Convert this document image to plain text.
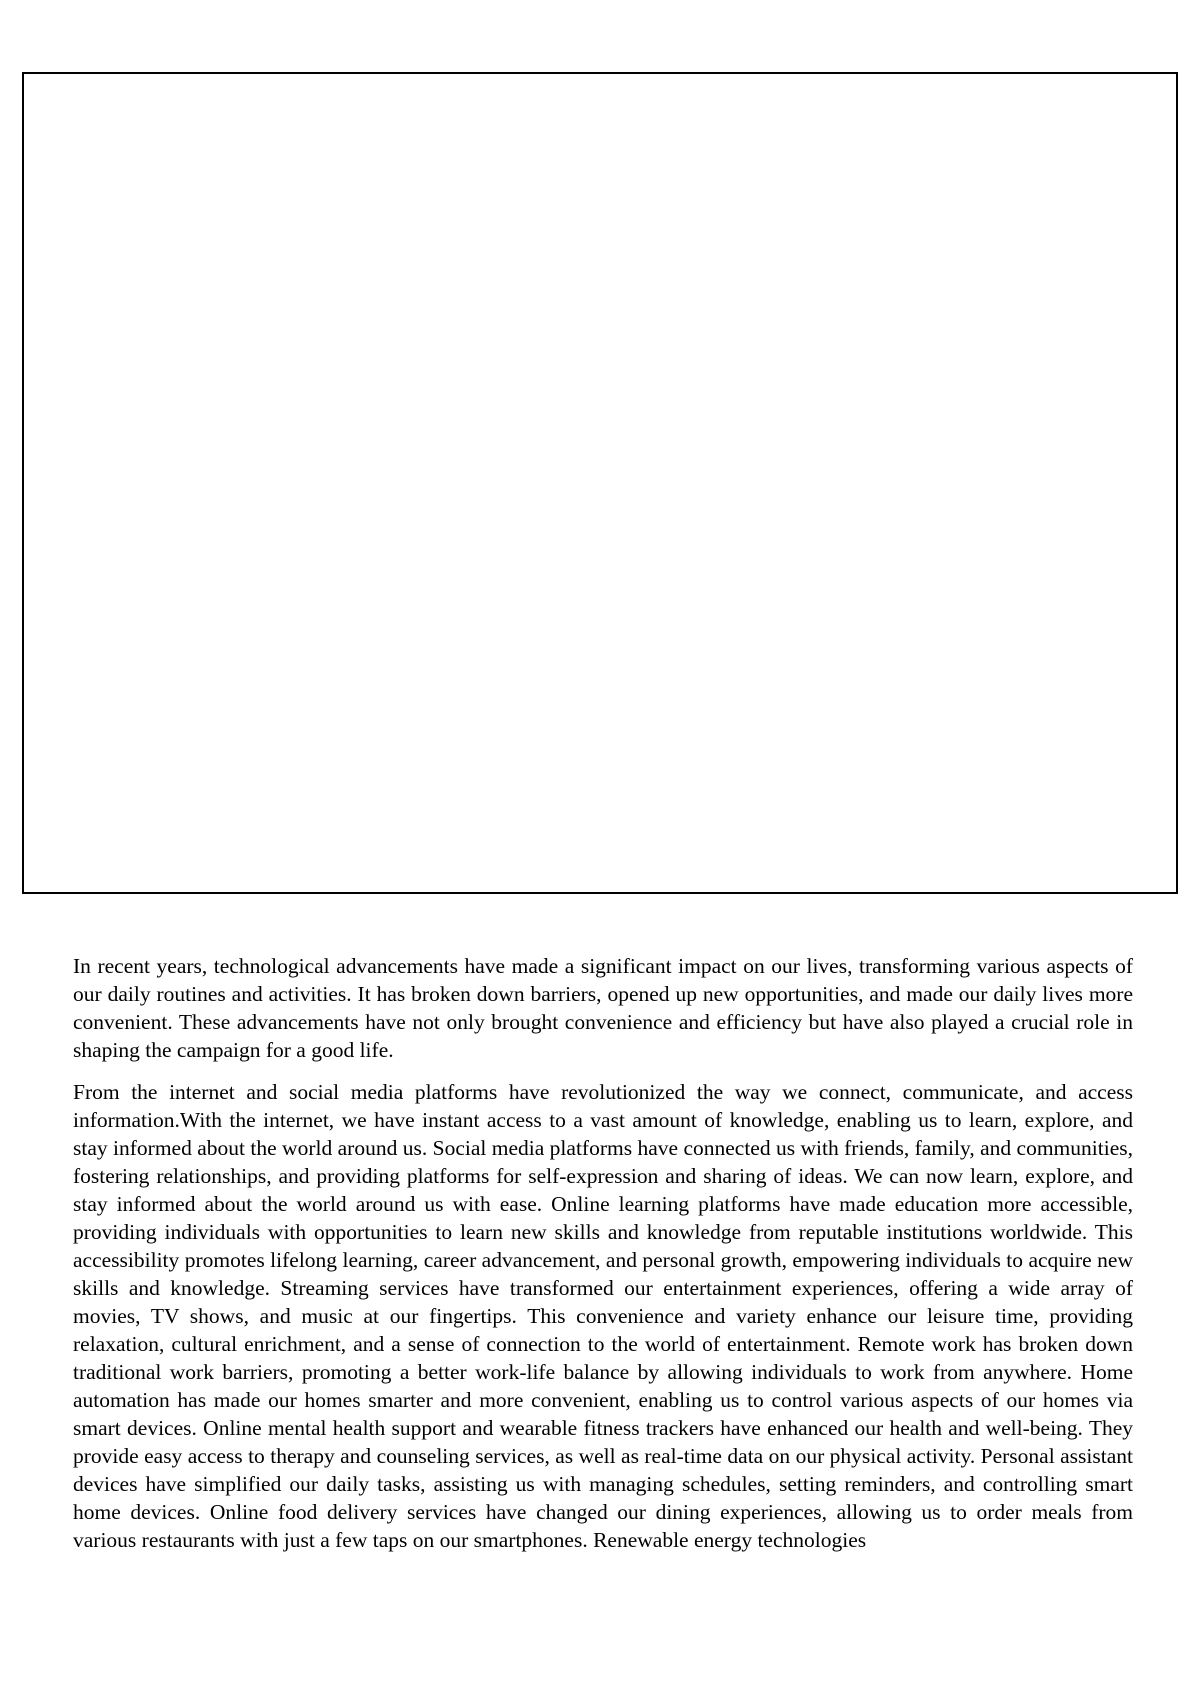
In recent years, technological advancements have made a significant impact on our lives, transforming various aspects of our daily routines and activities. It has broken down barriers, opened up new opportunities, and made our daily lives more convenient. These advancements have not only brought convenience and efficiency but have also played a crucial role in shaping the campaign for a good life.

From the internet and social media platforms have revolutionized the way we connect, communicate, and access information.With the internet, we have instant access to a vast amount of knowledge, enabling us to learn, explore, and stay informed about the world around us. Social media platforms have connected us with friends, family, and communities, fostering relationships, and providing platforms for self-expression and sharing of ideas. We can now learn, explore, and stay informed about the world around us with ease. Online learning platforms have made education more accessible, providing individuals with opportunities to learn new skills and knowledge from reputable institutions worldwide. This accessibility promotes lifelong learning, career advancement, and personal growth, empowering individuals to acquire new skills and knowledge. Streaming services have transformed our entertainment experiences, offering a wide array of movies, TV shows, and music at our fingertips. This convenience and variety enhance our leisure time, providing relaxation, cultural enrichment, and a sense of connection to the world of entertainment. Remote work has broken down traditional work barriers, promoting a better work-life balance by allowing individuals to work from anywhere. Home automation has made our homes smarter and more convenient, enabling us to control various aspects of our homes via smart devices. Online mental health support and wearable fitness trackers have enhanced our health and well-being. They provide easy access to therapy and counseling services, as well as real-time data on our physical activity. Personal assistant devices have simplified our daily tasks, assisting us with managing schedules, setting reminders, and controlling smart home devices. Online food delivery services have changed our dining experiences, allowing us to order meals from various restaurants with just a few taps on our smartphones. Renewable energy technologies
